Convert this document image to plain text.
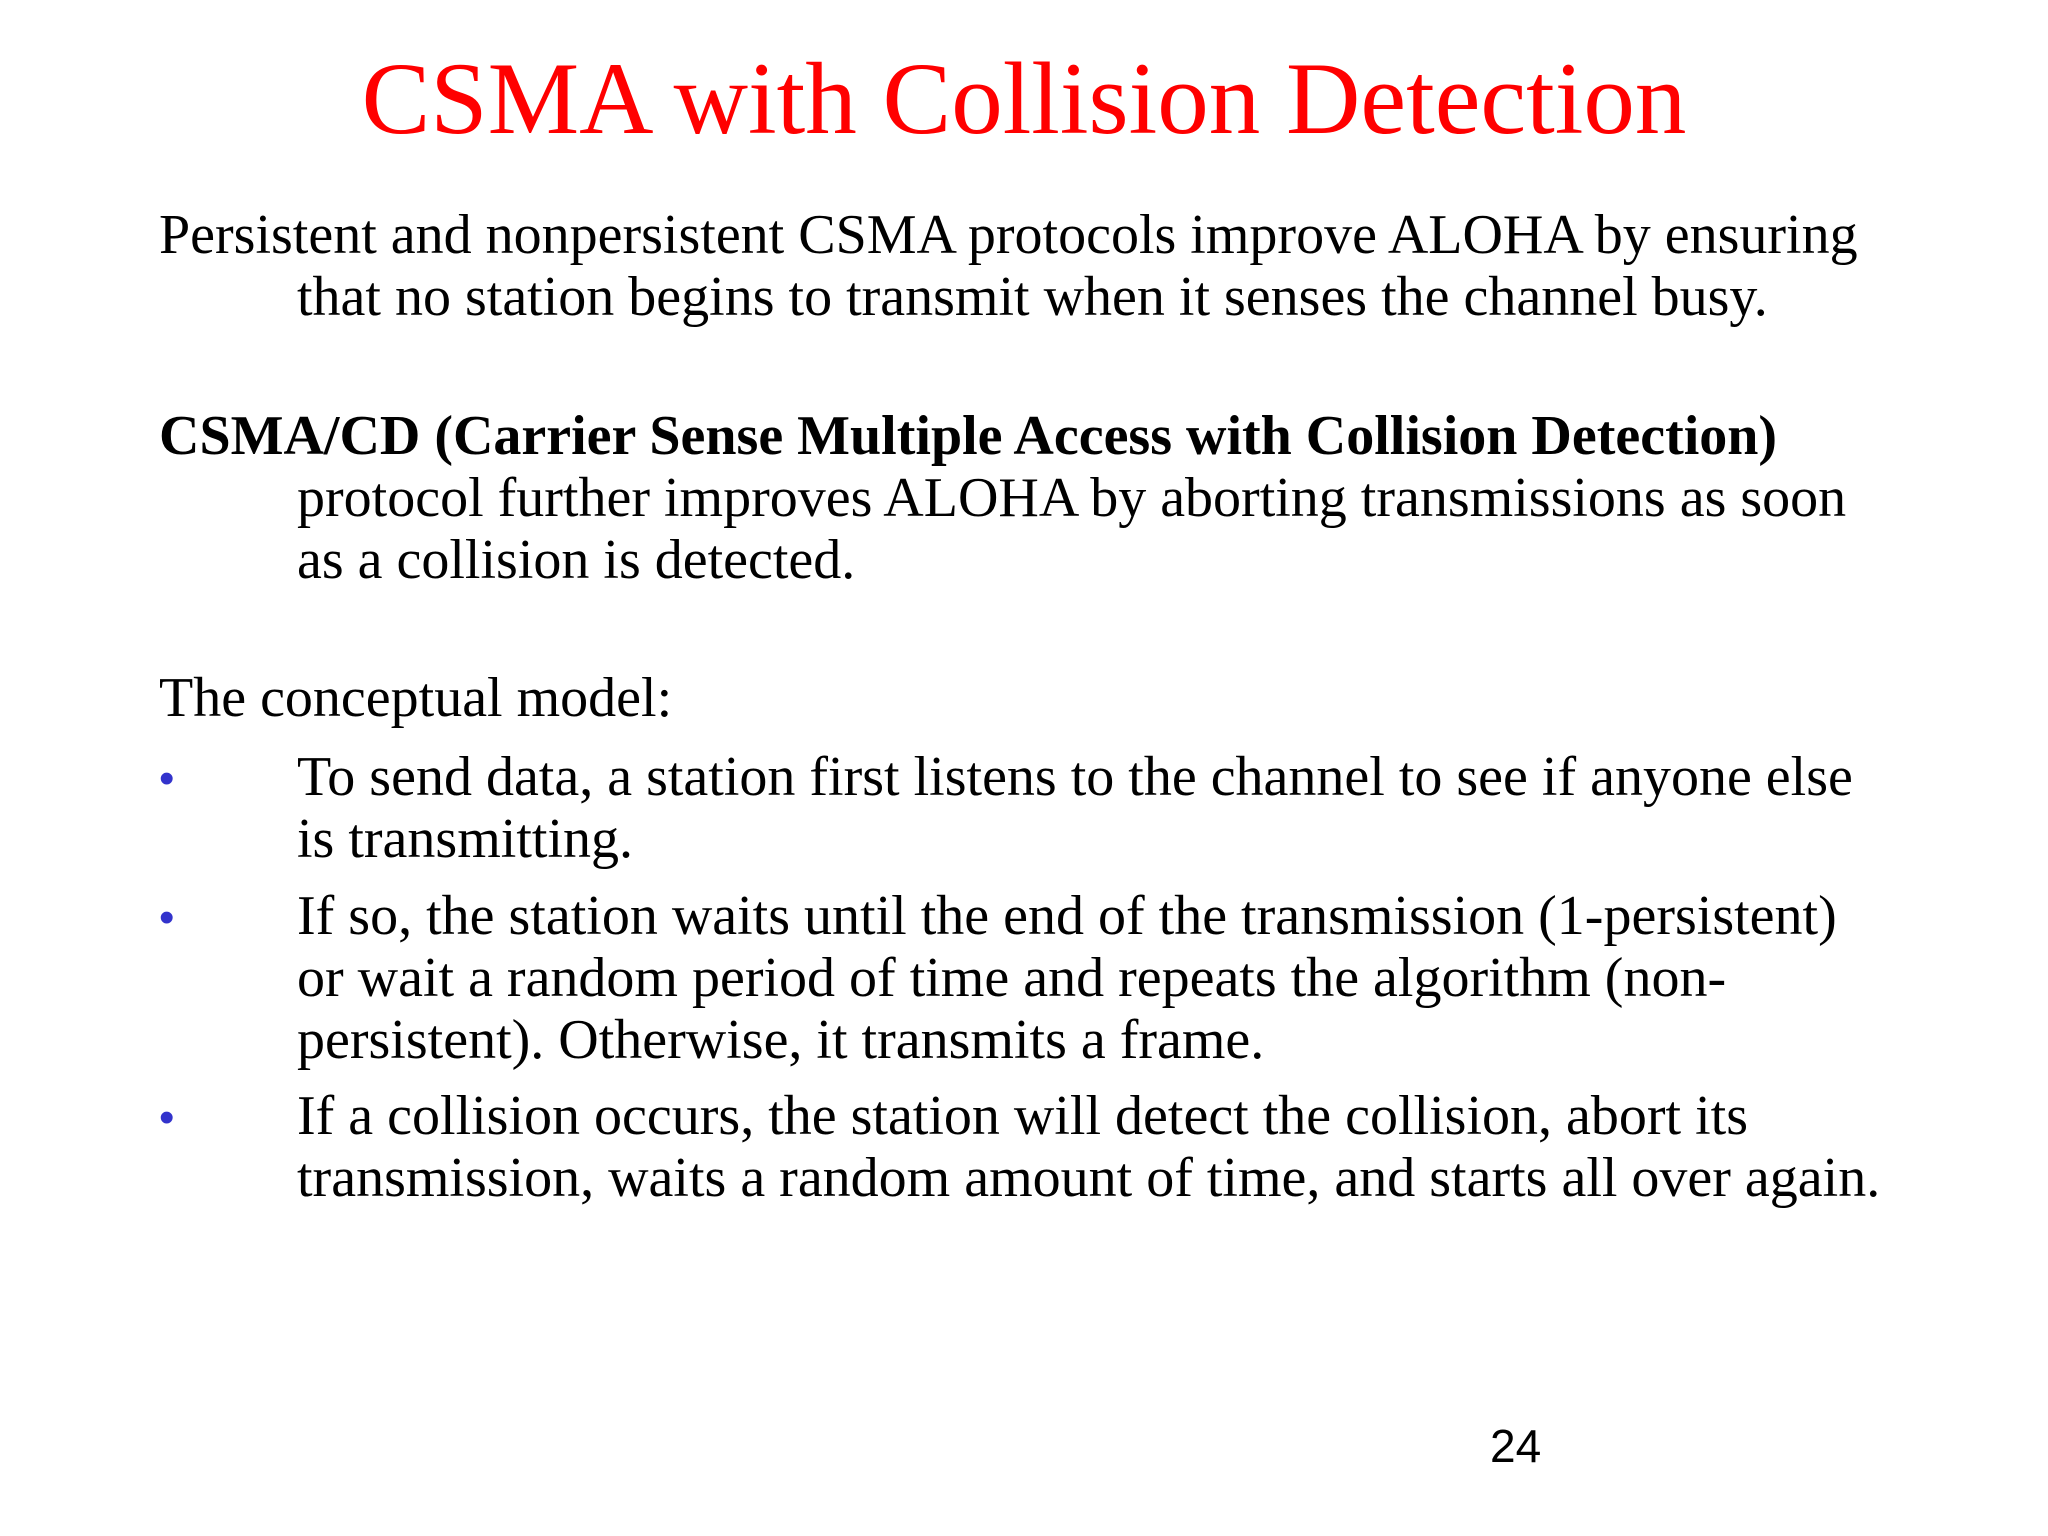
CSMA with Collision Detection
Persistent and nonpersistent CSMA protocols improve ALOHA by ensuring
that no station begins to transmit when it senses the channel busy.
CSMA/CD (Carrier Sense Multiple Access with Collision Detection)
protocol further improves ALOHA by aborting transmissions as soon as a collision is detected.
The conceptual model:
•	To send data, a station first listens to the channel to see if anyone else is transmitting.
•	If so, the station waits until the end of the transmission (1-persistent) or wait a random period of time and repeats the algorithm (non-persistent). Otherwise, it transmits a frame.
•	If a collision occurs, the station will detect the collision, abort its transmission, waits a random amount of time, and starts all over again.
24
